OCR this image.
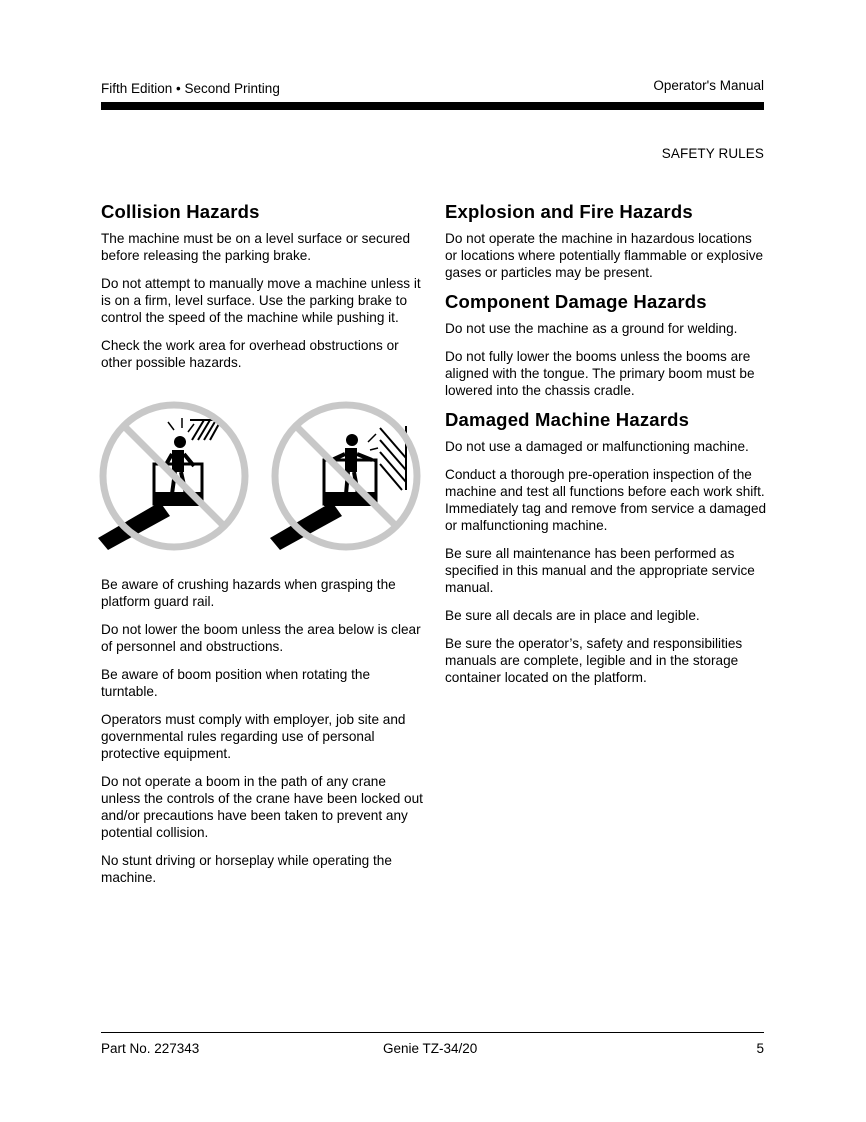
Fifth Edition • Second Printing	Operator's Manual
SAFETY RULES
Collision Hazards

The machine must be on a level surface or secured before releasing the parking brake.

Do not attempt to manually move a machine unless it is on a firm, level surface. Use the parking brake to control the speed of the machine while pushing it.

Check the work area for overhead obstructions or other possible hazards.

Be aware of crushing hazards when grasping the platform guard rail.

Do not lower the boom unless the area below is clear of personnel and obstructions.

Be aware of boom position when rotating the turntable.

Operators must comply with employer, job site and governmental rules regarding use of personal protective equipment.

Do not operate a boom in the path of any crane unless the controls of the crane have been locked out and/or precautions have been taken to prevent any potential collision.

No stunt driving or horseplay while operating the machine.

Explosion and Fire Hazards

Do not operate the machine in hazardous locations or locations where potentially flammable or explosive gases or particles may be present.

Component Damage Hazards

Do not use the machine as a ground for welding.

Do not fully lower the booms unless the booms are aligned with the tongue. The primary boom must be lowered into the chassis cradle.

Damaged Machine Hazards

Do not use a damaged or malfunctioning machine.

Conduct a thorough pre-operation inspection of the machine and test all functions before each work shift. Immediately tag and remove from service a damaged or malfunctioning machine.

Be sure all maintenance has been performed as specified in this manual and the appropriate service manual.

Be sure all decals are in place and legible.

Be sure the operator’s, safety and responsibilities manuals are complete, legible and in the storage container located on the platform.

Part No. 227343	Genie TZ-34/20	5
